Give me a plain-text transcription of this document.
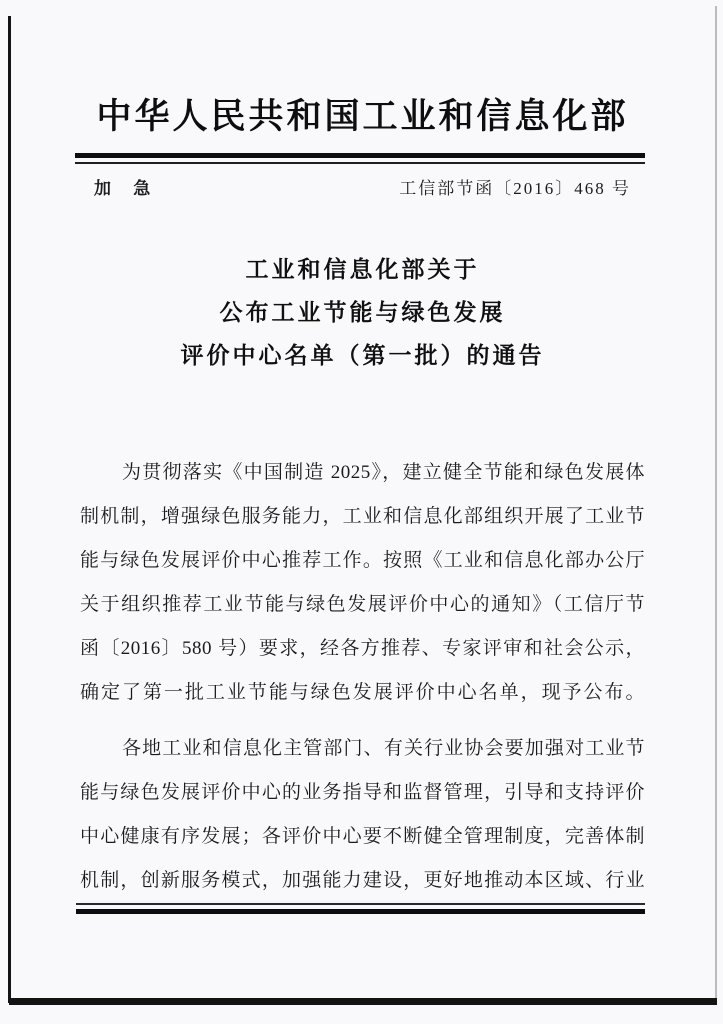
中华人民共和国工业和信息化部
加 急	工信部节函〔2016〕468 号
工业和信息化部关于
公布工业节能与绿色发展
评价中心名单（第一批）的通告
为贯彻落实《中国制造 2025》，建立健全节能和绿色发展体
制机制，增强绿色服务能力，工业和信息化部组织开展了工业节
能与绿色发展评价中心推荐工作。按照《工业和信息化部办公厅
关于组织推荐工业节能与绿色发展评价中心的通知》（工信厅节
函〔2016〕580 号）要求，经各方推荐、专家评审和社会公示，
确定了第一批工业节能与绿色发展评价中心名单，现予公布。
各地工业和信息化主管部门、有关行业协会要加强对工业节
能与绿色发展评价中心的业务指导和监督管理，引导和支持评价
中心健康有序发展；各评价中心要不断健全管理制度，完善体制
机制，创新服务模式，加强能力建设，更好地推动本区域、行业
